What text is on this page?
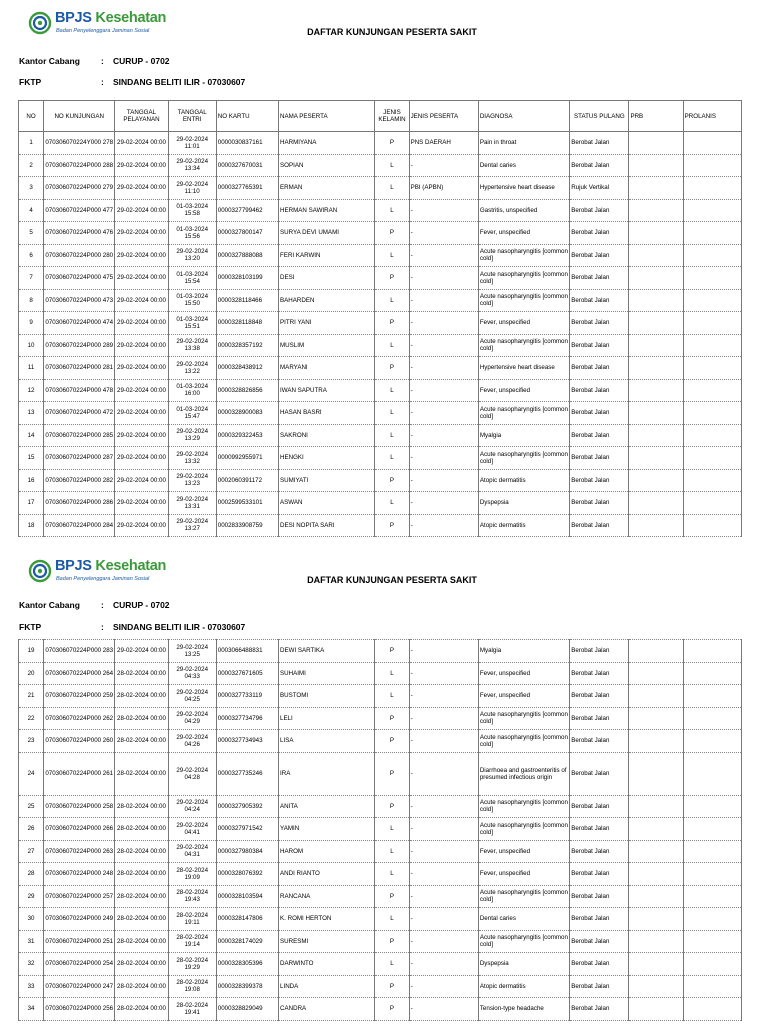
BPJS Kesehatan
Badan Penyelenggara Jaminan Sosial	DAFTAR KUNJUNGAN PESERTA SAKIT
Kantor Cabang : CURUP - 0702
FKTP	: SINDANG BELITI ILIR - 07030607
NO	NO KUNJUNGAN	TANGGAL PELAYANAN	TANGGAL ENTRI	NO KARTU	NAMA PESERTA	JENIS KELAMIN	JENIS PESERTA	DIAGNOSA	STATUS PULANG	PRB	PROLANIS
1	070306070224Y000 278	29-02-2024 00:00	29-02-2024 11:01	0000030837161	HARMIYANA	P	PNS DAERAH	Pain in throat	Berobat Jalan		
2	070306070224P000 288	29-02-2024 00:00	29-02-2024 13:34	0000327670031	SOPIAN	L	-	Dental caries	Berobat Jalan		
3	070306070224P000 279	29-02-2024 00:00	29-02-2024 11:10	0000327765391	ERMAN	L	PBI (APBN)	Hypertensive heart disease	Rujuk Vertikal		
4	070306070224P000 477	29-02-2024 00:00	01-03-2024 15:58	0000327799462	HERMAN SAWIRAN	L	-	Gastritis, unspecified	Berobat Jalan		
5	070306070224P000 476	29-02-2024 00:00	01-03-2024 15:56	0000327800147	SURYA DEVI UMAMI	P	-	Fever, unspecified	Berobat Jalan		
6	070306070224P000 280	29-02-2024 00:00	29-02-2024 13:20	0000327888088	FERI KARWIN	L	-	Acute nasopharyngitis [common cold]	Berobat Jalan		
7	070306070224P000 475	29-02-2024 00:00	01-03-2024 15:54	0000328103199	DESI	P	-	Acute nasopharyngitis [common cold]	Berobat Jalan		
8	070306070224P000 473	29-02-2024 00:00	01-03-2024 15:50	0000328118466	BAHARDEN	L	-	Acute nasopharyngitis [common cold]	Berobat Jalan		
9	070306070224P000 474	29-02-2024 00:00	01-03-2024 15:51	0000328118848	PITRI YANI	P	-	Fever, unspecified	Berobat Jalan		
10	070306070224P000 289	29-02-2024 00:00	29-02-2024 13:38	0000328357192	MUSLIM	L	-	Acute nasopharyngitis [common cold]	Berobat Jalan		
11	070306070224P000 281	29-02-2024 00:00	29-02-2024 13:22	0000328438912	MARYANI	P	-	Hypertensive heart disease	Berobat Jalan		
12	070306070224P000 478	29-02-2024 00:00	01-03-2024 16:00	0000328826856	IWAN SAPUTRA	L	-	Fever, unspecified	Berobat Jalan		
13	070306070224P000 472	29-02-2024 00:00	01-03-2024 15:47	0000328900083	HASAN BASRI	L	-	Acute nasopharyngitis [common cold]	Berobat Jalan		
14	070306070224P000 285	29-02-2024 00:00	29-02-2024 13:29	0000329322453	SAKRONI	L	-	Myalgia	Berobat Jalan		
15	070306070224P000 287	29-02-2024 00:00	29-02-2024 13:32	0000992955971	HENGKI	L	-	Acute nasopharyngitis [common cold]	Berobat Jalan		
16	070306070224P000 282	29-02-2024 00:00	29-02-2024 13:23	0002060391172	SUMIYATI	P	-	Atopic dermatitis	Berobat Jalan		
17	070306070224P000 286	29-02-2024 00:00	29-02-2024 13:31	0002599533101	ASWAN	L	-	Dyspepsia	Berobat Jalan		
18	070306070224P000 284	29-02-2024 00:00	29-02-2024 13:27	0002833908759	DESI NOPITA SARI	P	-	Atopic dermatitis	Berobat Jalan		
BPJS Kesehatan
Badan Penyelenggara Jaminan Sosial	DAFTAR KUNJUNGAN PESERTA SAKIT
Kantor Cabang : CURUP - 0702
FKTP	: SINDANG BELITI ILIR - 07030607
19	070306070224P000 283	29-02-2024 00:00	29-02-2024 13:25	0003066488831	DEWI SARTIKA	P	-	Myalgia	Berobat Jalan		
20	070306070224P000 264	28-02-2024 00:00	29-02-2024 04:33	0000327671605	SUHAIMI	L	-	Fever, unspecified	Berobat Jalan		
21	070306070224P000 259	28-02-2024 00:00	29-02-2024 04:25	0000327733119	BUSTOMI	L	-	Fever, unspecified	Berobat Jalan		
22	070306070224P000 262	28-02-2024 00:00	29-02-2024 04:29	0000327734796	LELI	P	-	Acute nasopharyngitis [common cold]	Berobat Jalan		
23	070306070224P000 260	28-02-2024 00:00	29-02-2024 04:26	0000327734943	LISA	P	-	Acute nasopharyngitis [common cold]	Berobat Jalan		
24	070306070224P000 261	28-02-2024 00:00	29-02-2024 04:28	0000327735246	IRA	P	-	Diarrhoea and gastroenteritis of presumed infectious origin	Berobat Jalan		
25	070306070224P000 258	28-02-2024 00:00	29-02-2024 04:24	0000327905392	ANITA	P	-	Acute nasopharyngitis [common cold]	Berobat Jalan		
26	070306070224P000 266	28-02-2024 00:00	29-02-2024 04:41	0000327971542	YAMIN	L	-	Acute nasopharyngitis [common cold]	Berobat Jalan		
27	070306070224P000 263	28-02-2024 00:00	29-02-2024 04:31	0000327980384	HAROM	L	-	Fever, unspecified	Berobat Jalan		
28	070306070224P000 248	28-02-2024 00:00	28-02-2024 19:09	0000328076392	ANDI RIANTO	L	-	Fever, unspecified	Berobat Jalan		
29	070306070224P000 257	28-02-2024 00:00	28-02-2024 19:43	0000328103594	RANCANA	P	-	Acute nasopharyngitis [common cold]	Berobat Jalan		
30	070306070224P000 249	28-02-2024 00:00	28-02-2024 19:11	0000328147806	K. ROMI HERTON	L	-	Dental caries	Berobat Jalan		
31	070306070224P000 251	28-02-2024 00:00	28-02-2024 19:14	0000328174029	SURESMI	P	-	Acute nasopharyngitis [common cold]	Berobat Jalan		
32	070306070224P000 254	28-02-2024 00:00	28-02-2024 19:29	0000328305396	DARWINTO	L	-	Dyspepsia	Berobat Jalan		
33	070306070224P000 247	28-02-2024 00:00	28-02-2024 19:08	0000328399378	LINDA	P	-	Atopic dermatitis	Berobat Jalan		
34	070306070224P000 256	28-02-2024 00:00	28-02-2024 19:41	0000328829049	CANDRA	P	-	Tension-type headache	Berobat Jalan		
